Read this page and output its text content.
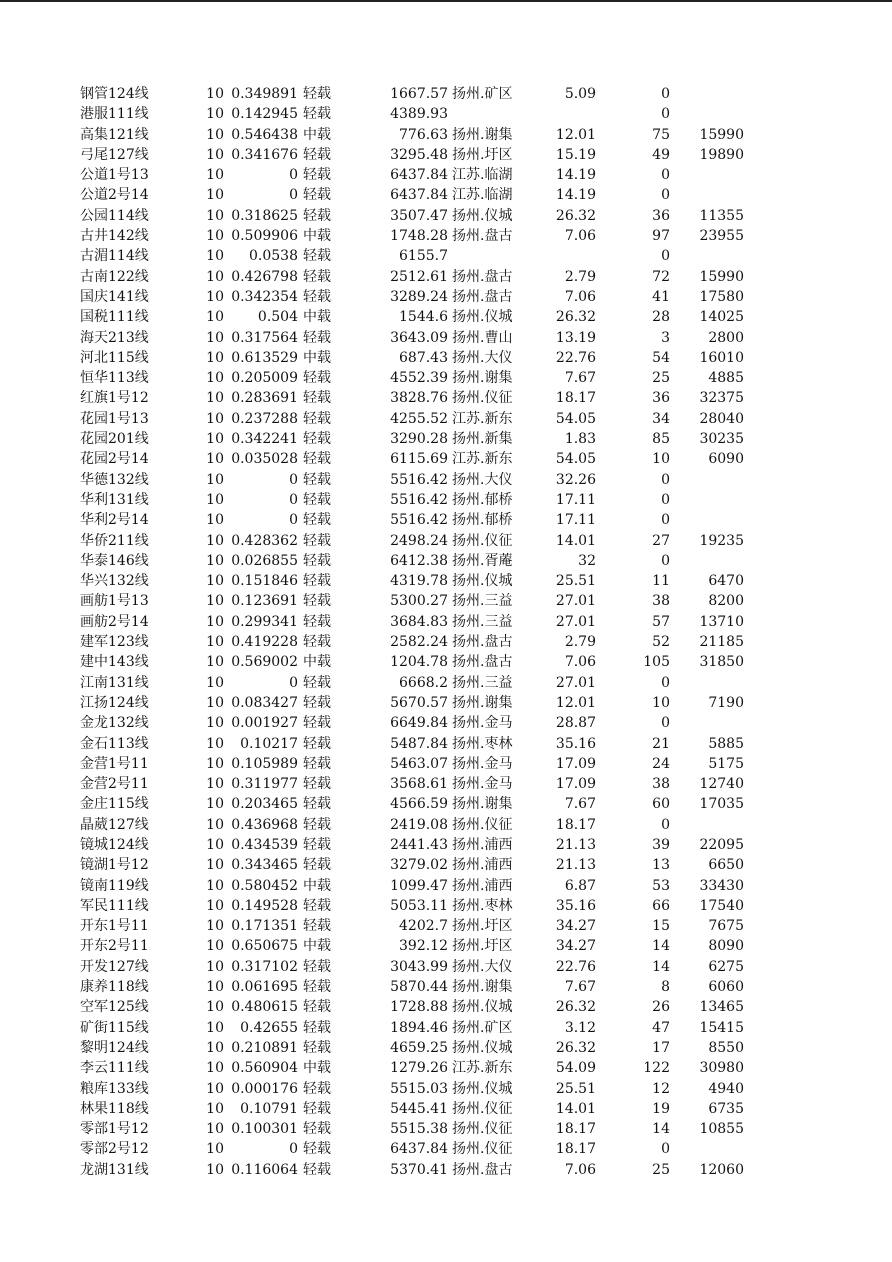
钢管124线	10 0.349891 轻载	1667.57 扬州.矿区	5.09	0
港服111线	10 0.142945 轻载	4389.93	0
高集121线	10 0.546438 中载	776.63 扬州.谢集	12.01	75	15990
弓尾127线	10 0.341676 轻载	3295.48 扬州.圩区	15.19	49	19890
公道1号13	10	0 轻载	6437.84 江苏.临湖	14.19	0
公道2号14	10	0 轻载	6437.84 江苏.临湖	14.19	0
公园114线	10 0.318625 轻载	3507.47 扬州.仪城	26.32	36	11355
古井142线	10 0.509906 中载	1748.28 扬州.盘古	7.06	97	23955
古湄114线	10	0.0538 轻载	6155.7	0
古南122线	10 0.426798 轻载	2512.61 扬州.盘古	2.79	72	15990
国庆141线	10 0.342354 轻载	3289.24 扬州.盘古	7.06	41	17580
国税111线	10	0.504 中载	1544.6 扬州.仪城	26.32	28	14025
海天213线	10 0.317564 轻载	3643.09 扬州.曹山	13.19	3	2800
河北115线	10 0.613529 中载	687.43 扬州.大仪	22.76	54	16010
恒华113线	10 0.205009 轻载	4552.39 扬州.谢集	7.67	25	4885
红旗1号12	10 0.283691 轻载	3828.76 扬州.仪征	18.17	36	32375
花园1号13	10 0.237288 轻载	4255.52 江苏.新东	54.05	34	28040
花园201线	10 0.342241 轻载	3290.28 扬州.新集	1.83	85	30235
花园2号14	10 0.035028 轻载	6115.69 江苏.新东	54.05	10	6090
华德132线	10	0 轻载	5516.42 扬州.大仪	32.26	0
华利131线	10	0 轻载	5516.42 扬州.郁桥	17.11	0
华利2号14	10	0 轻载	5516.42 扬州.郁桥	17.11	0
华侨211线	10 0.428362 轻载	2498.24 扬州.仪征	14.01	27	19235
华泰146线	10 0.026855 轻载	6412.38 扬州.胥蓭	32	0
华兴132线	10 0.151846 轻载	4319.78 扬州.仪城	25.51	11	6470
画舫1号13	10 0.123691 轻载	5300.27 扬州.三益	27.01	38	8200
画舫2号14	10 0.299341 轻载	3684.83 扬州.三益	27.01	57	13710
建军123线	10 0.419228 轻载	2582.24 扬州.盘古	2.79	52	21185
建中143线	10 0.569002 中载	1204.78 扬州.盘古	7.06	105	31850
江南131线	10	0 轻载	6668.2 扬州.三益	27.01	0
江扬124线	10 0.083427 轻载	5670.57 扬州.谢集	12.01	10	7190
金龙132线	10 0.001927 轻载	6649.84 扬州.金马	28.87	0
金石113线	10	0.10217 轻载	5487.84 扬州.枣林	35.16	21	5885
金营1号11	10 0.105989 轻载	5463.07 扬州.金马	17.09	24	5175
金营2号11	10 0.311977 轻载	3568.61 扬州.金马	17.09	38	12740
金庄115线	10 0.203465 轻载	4566.59 扬州.谢集	7.67	60	17035
晶葳127线	10 0.436968 轻载	2419.08 扬州.仪征	18.17	0
镜城124线	10 0.434539 轻载	2441.43 扬州.浦西	21.13	39	22095
镜湖1号12	10 0.343465 轻载	3279.02 扬州.浦西	21.13	13	6650
镜南119线	10 0.580452 中载	1099.47 扬州.浦西	6.87	53	33430
军民111线	10 0.149528 轻载	5053.11 扬州.枣林	35.16	66	17540
开东1号11	10 0.171351 轻载	4202.7 扬州.圩区	34.27	15	7675
开东2号11	10 0.650675 中载	392.12 扬州.圩区	34.27	14	8090
开发127线	10 0.317102 轻载	3043.99 扬州.大仪	22.76	14	6275
康养118线	10 0.061695 轻载	5870.44 扬州.谢集	7.67	8	6060
空军125线	10 0.480615 轻载	1728.88 扬州.仪城	26.32	26	13465
矿街115线	10	0.42655 轻载	1894.46 扬州.矿区	3.12	47	15415
黎明124线	10 0.210891 轻载	4659.25 扬州.仪城	26.32	17	8550
李云111线	10 0.560904 中载	1279.26 江苏.新东	54.09	122	30980
粮库133线	10 0.000176 轻载	5515.03 扬州.仪城	25.51	12	4940
林果118线	10	0.10791 轻载	5445.41 扬州.仪征	14.01	19	6735
零部1号12	10 0.100301 轻载	5515.38 扬州.仪征	18.17	14	10855
零部2号12	10	0 轻载	6437.84 扬州.仪征	18.17	0
龙湖131线	10 0.116064 轻载	5370.41 扬州.盘古	7.06	25	12060
